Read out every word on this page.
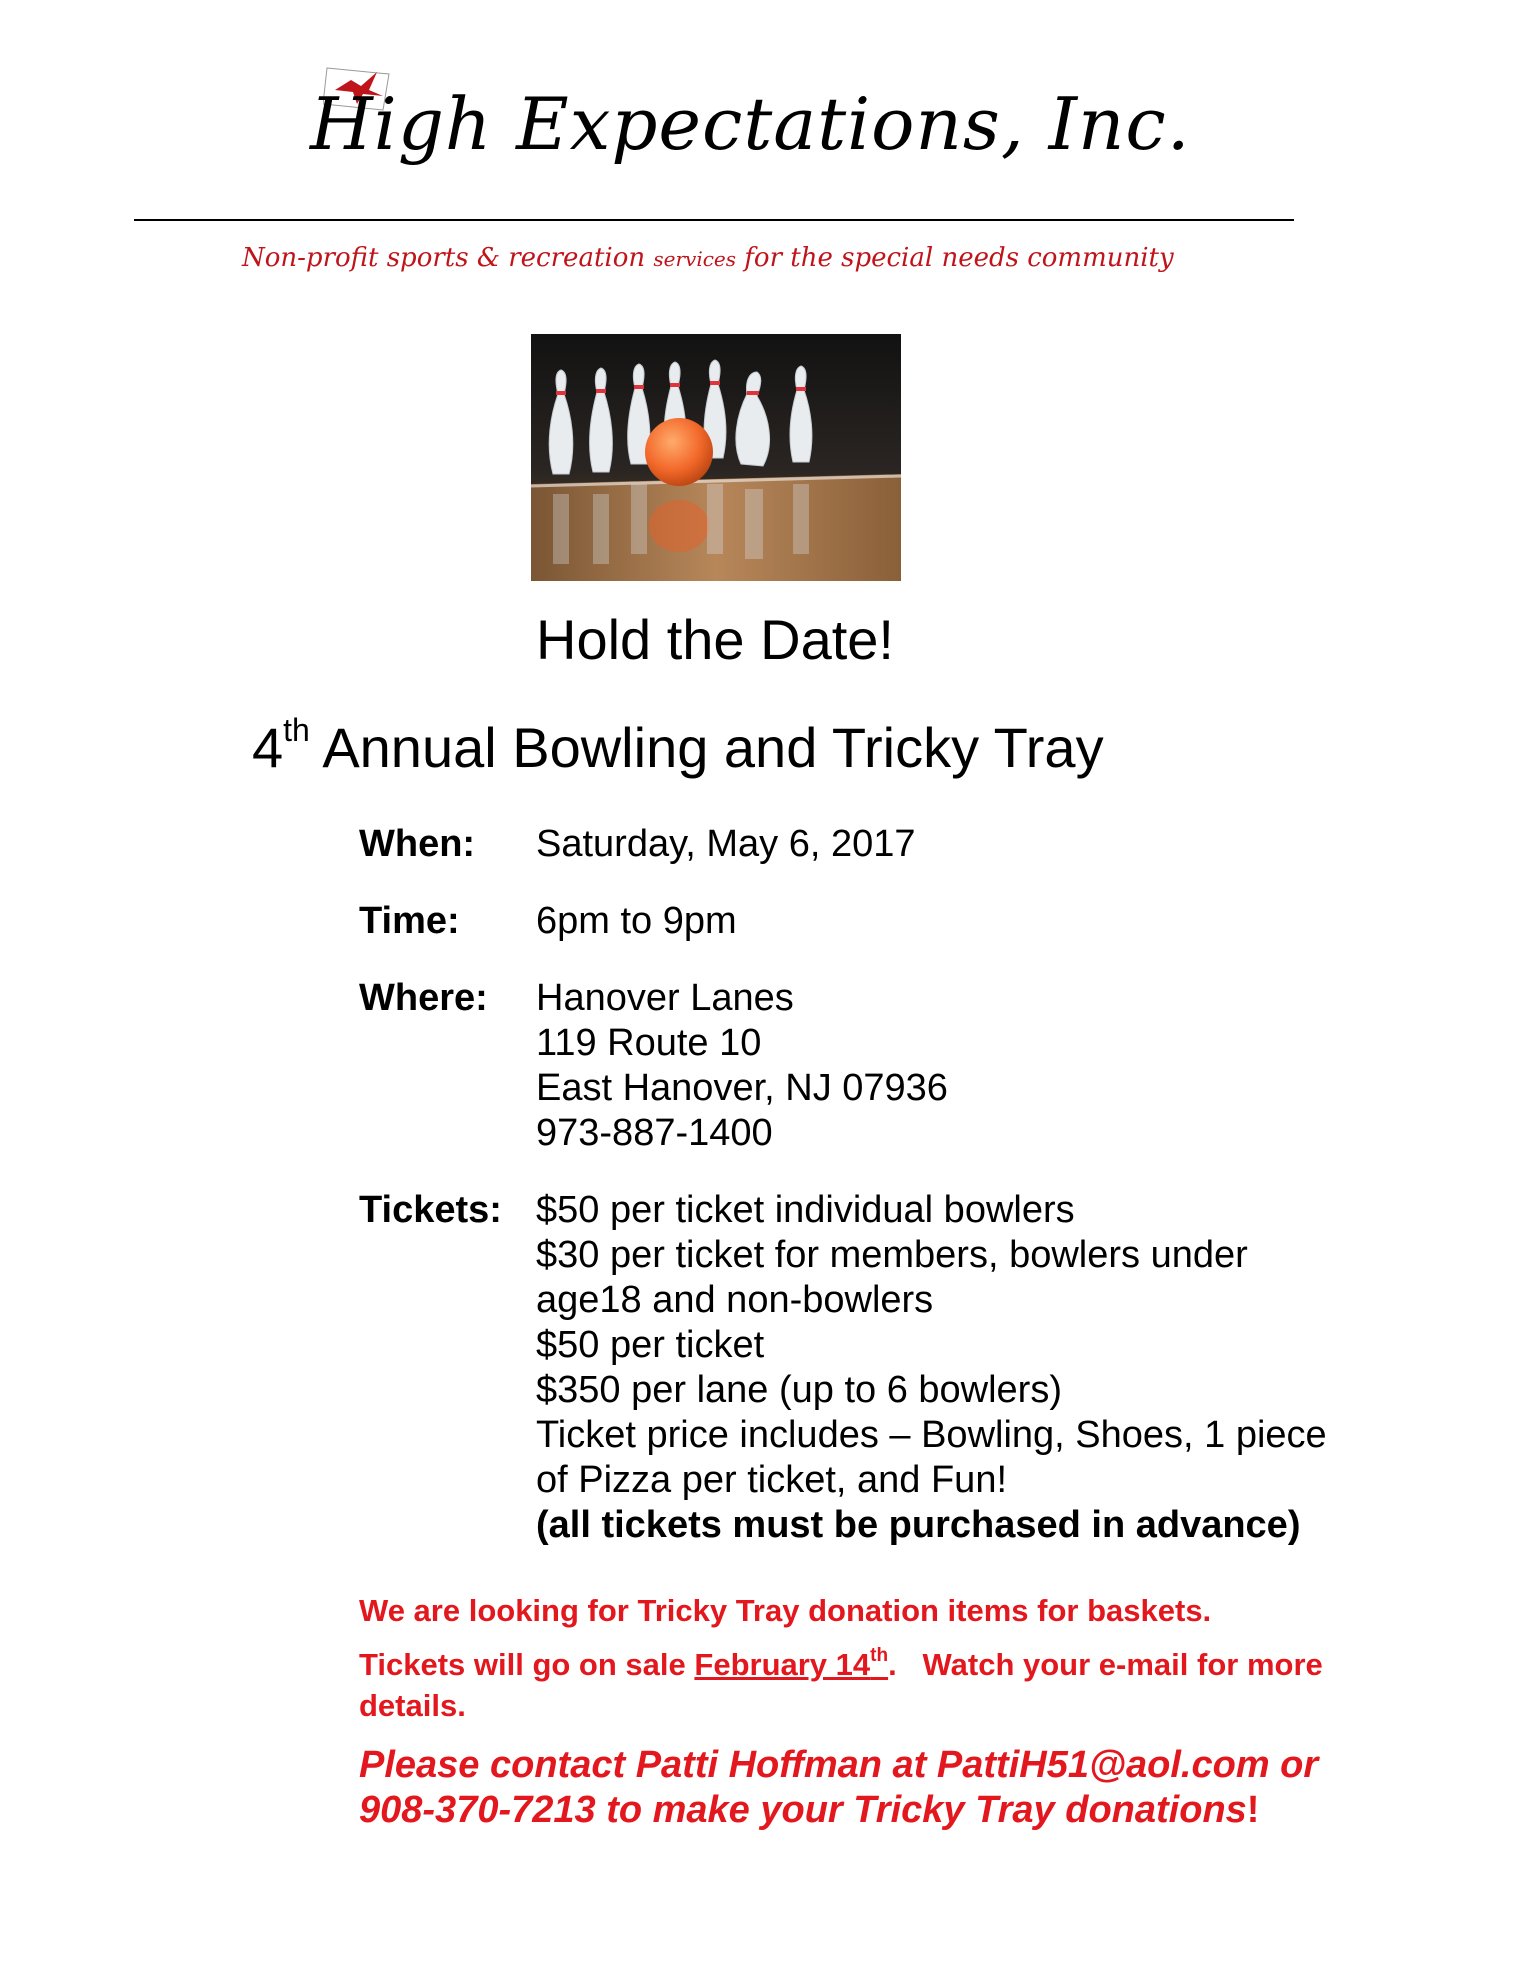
High Expectations, Inc.
Non-profit sports & recreation services for the special needs community
Hold the Date!
4th Annual Bowling and Tricky Tray
When: Saturday, May 6, 2017
Time: 6pm to 9pm
Where: Hanover Lanes
119 Route 10
East Hanover, NJ 07936
973-887-1400
Tickets: $50 per ticket individual bowlers
$30 per ticket for members, bowlers under age18 and non-bowlers
$50 per ticket
$350 per lane (up to 6 bowlers)
Ticket price includes – Bowling, Shoes, 1 piece of Pizza per ticket, and Fun!
(all tickets must be purchased in advance)

We are looking for Tricky Tray donation items for baskets.

Tickets will go on sale February 14th.   Watch your e-mail for more details.

Please contact Patti Hoffman at PattiH51@aol.com or 908-370-7213 to make your Tricky Tray donations!
